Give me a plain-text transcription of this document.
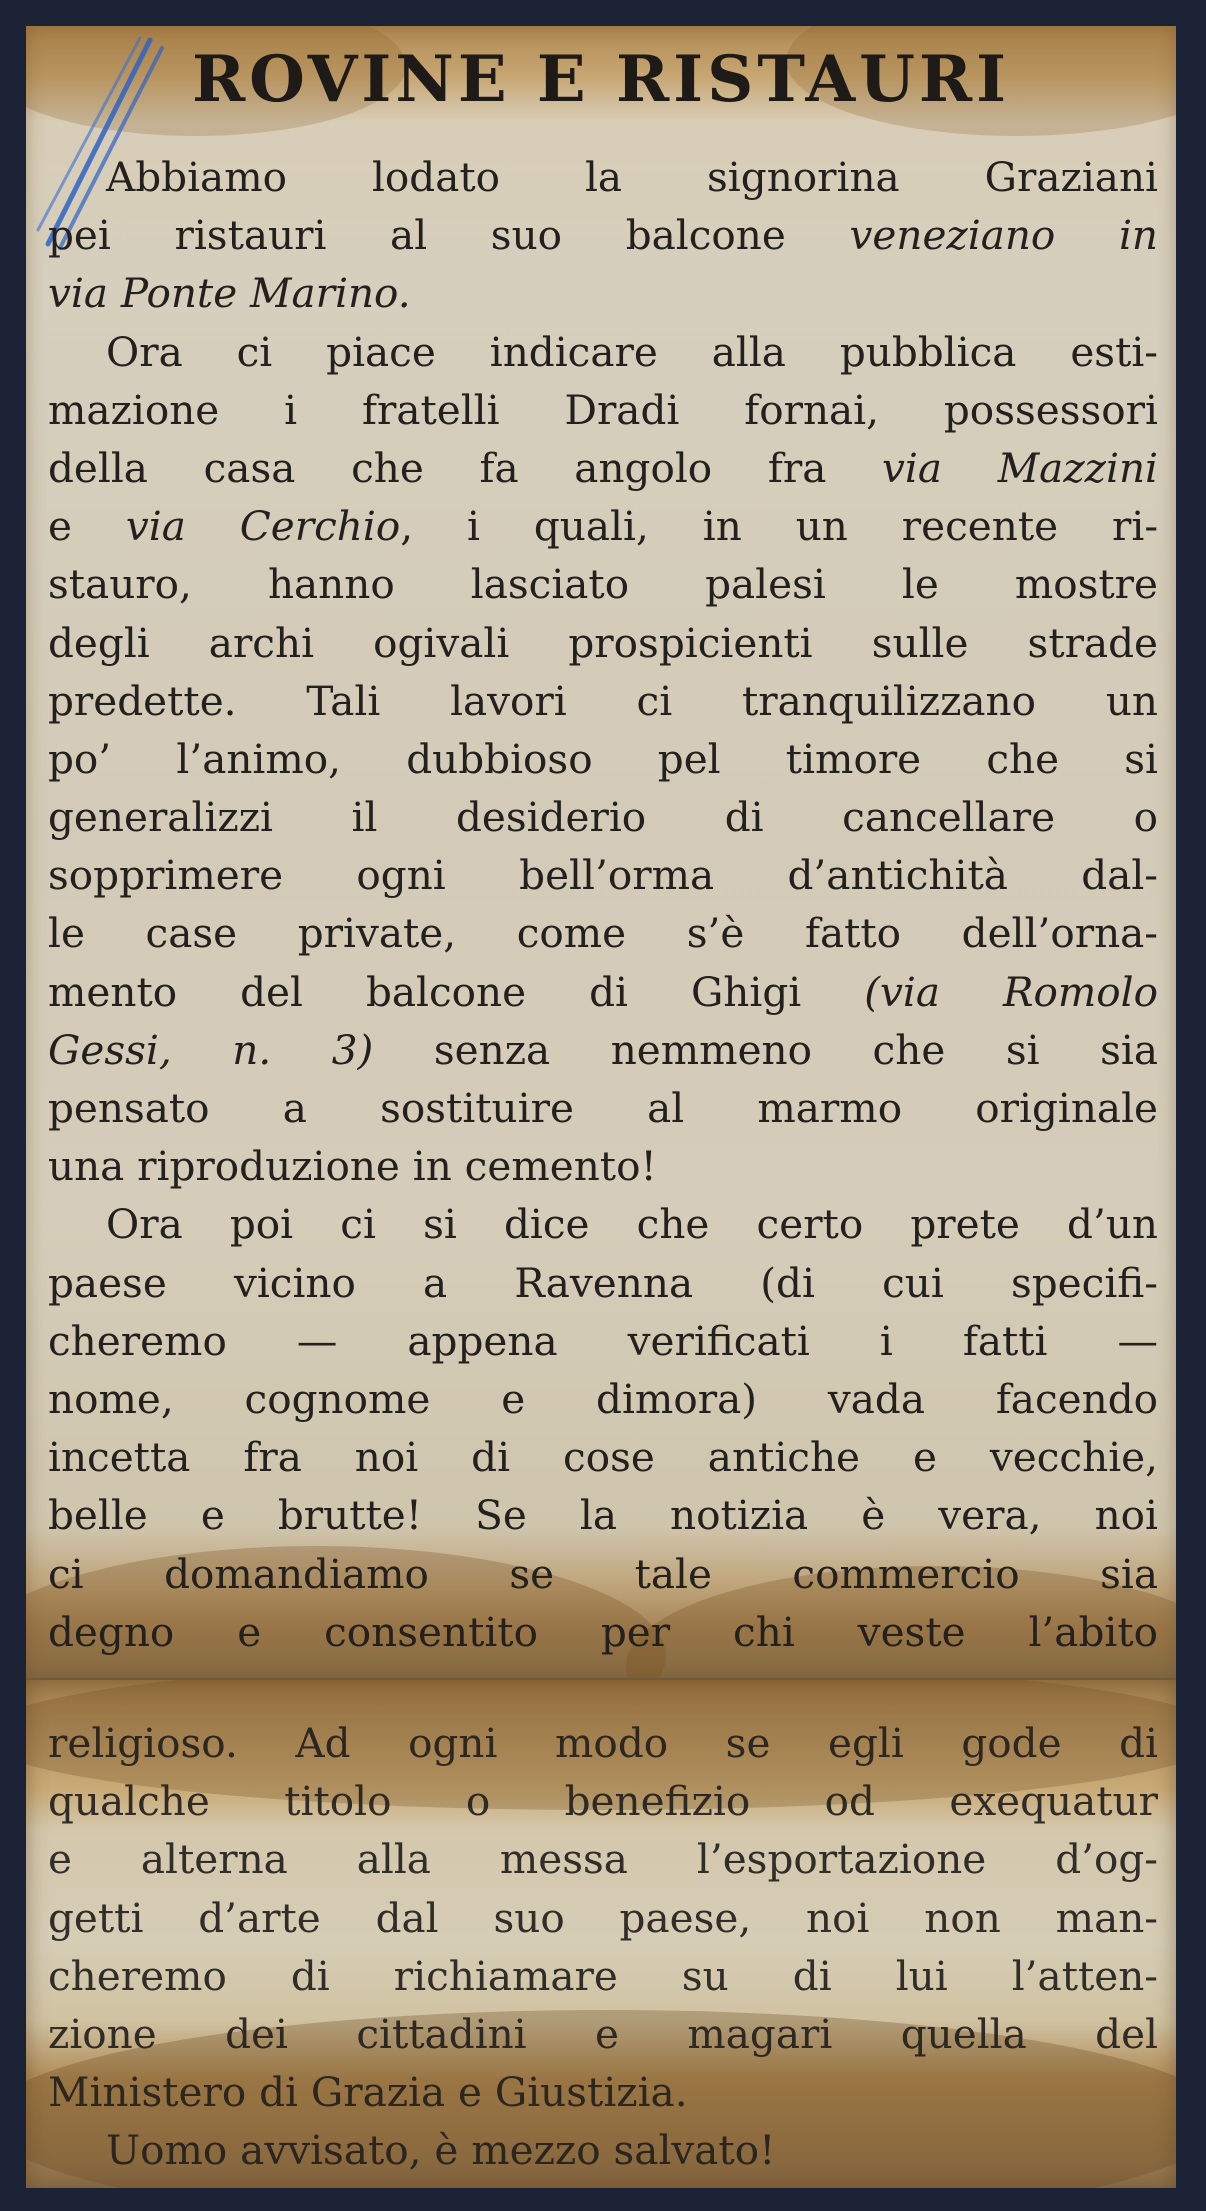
ROVINE E RISTAURI
Abbiamo lodato la signorina Graziani
pei ristauri al suo balcone veneziano in
via Ponte Marino.
Ora ci piace indicare alla pubblica esti-
mazione i fratelli Dradi fornai, possessori
della casa che fa angolo fra via Mazzini
e via Cerchio, i quali, in un recente ri-
stauro, hanno lasciato palesi le mostre
degli archi ogivali prospicienti sulle strade
predette. Tali lavori ci tranquilizzano un
po’ l’animo, dubbioso pel timore che si
generalizzi il desiderio di cancellare o
sopprimere ogni bell’orma d’antichità dal-
le case private, come s’è fatto dell’orna-
mento del balcone di Ghigi (via Romolo
Gessi, n. 3) senza nemmeno che si sia
pensato a sostituire al marmo originale
una riproduzione in cemento!
Ora poi ci si dice che certo prete d’un
paese vicino a Ravenna (di cui specifi-
cheremo — appena verificati i fatti —
nome, cognome e dimora) vada facendo
incetta fra noi di cose antiche e vecchie,
belle e brutte! Se la notizia è vera, noi
ci domandiamo se tale commercio sia
degno e consentito per chi veste l’abito
religioso. Ad ogni modo se egli gode di
qualche titolo o benefizio od exequatur
e alterna alla messa l’esportazione d’og-
getti d’arte dal suo paese, noi non man-
cheremo di richiamare su di lui l’atten-
zione dei cittadini e magari quella del
Ministero di Grazia e Giustizia.
Uomo avvisato, è mezzo salvato!
